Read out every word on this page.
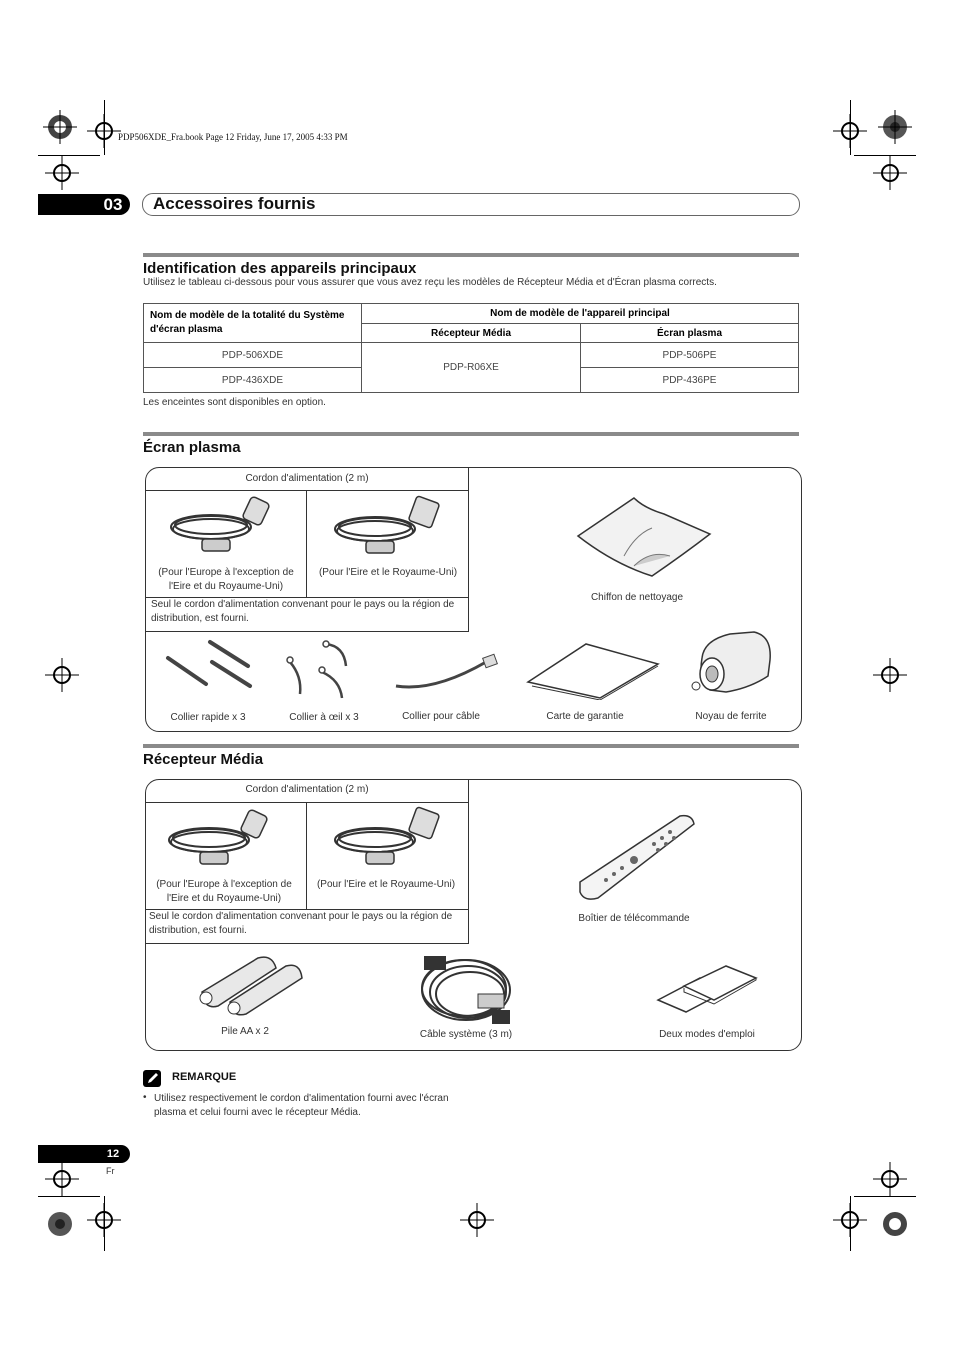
PDP506XDE_Fra.book Page 12 Friday, June 17, 2005 4:33 PM
03	Accessoires fournis
Identification des appareils principaux
Utilisez le tableau ci-dessous pour vous assurer que vous avez reçu les modèles de Récepteur Média et d'Écran plasma corrects.
Nom de modèle de la totalité du Système d'écran plasma	Nom de modèle de l'appareil principal	
	Récepteur Média	Écran plasma
PDP-506XDE	PDP-R06XE	PDP-506PE
PDP-436XDE		PDP-436PE
Les enceintes sont disponibles en option.
Écran plasma
Cordon d'alimentation (2 m)
(Pour l'Europe à l'exception de l'Eire et du Royaume-Uni)
(Pour l'Eire et le Royaume-Uni)
Seul le cordon d'alimentation convenant pour le pays ou la région de distribution, est fourni.
Chiffon de nettoyage
Collier rapide x 3	Collier à œil x 3	Collier pour câble	Carte de garantie	Noyau de ferrite
Récepteur Média
Cordon d'alimentation (2 m)
(Pour l'Europe à l'exception de l'Eire et du Royaume-Uni)
(Pour l'Eire et le Royaume-Uni)
Seul le cordon d'alimentation convenant pour le pays ou la région de distribution, est fourni.
Boîtier de télécommande
Pile AA x 2	Câble système (3 m)	Deux modes d'emploi
REMARQUE
• Utilisez respectivement le cordon d'alimentation fourni avec l'écran plasma et celui fourni avec le récepteur Média.
12
Fr
